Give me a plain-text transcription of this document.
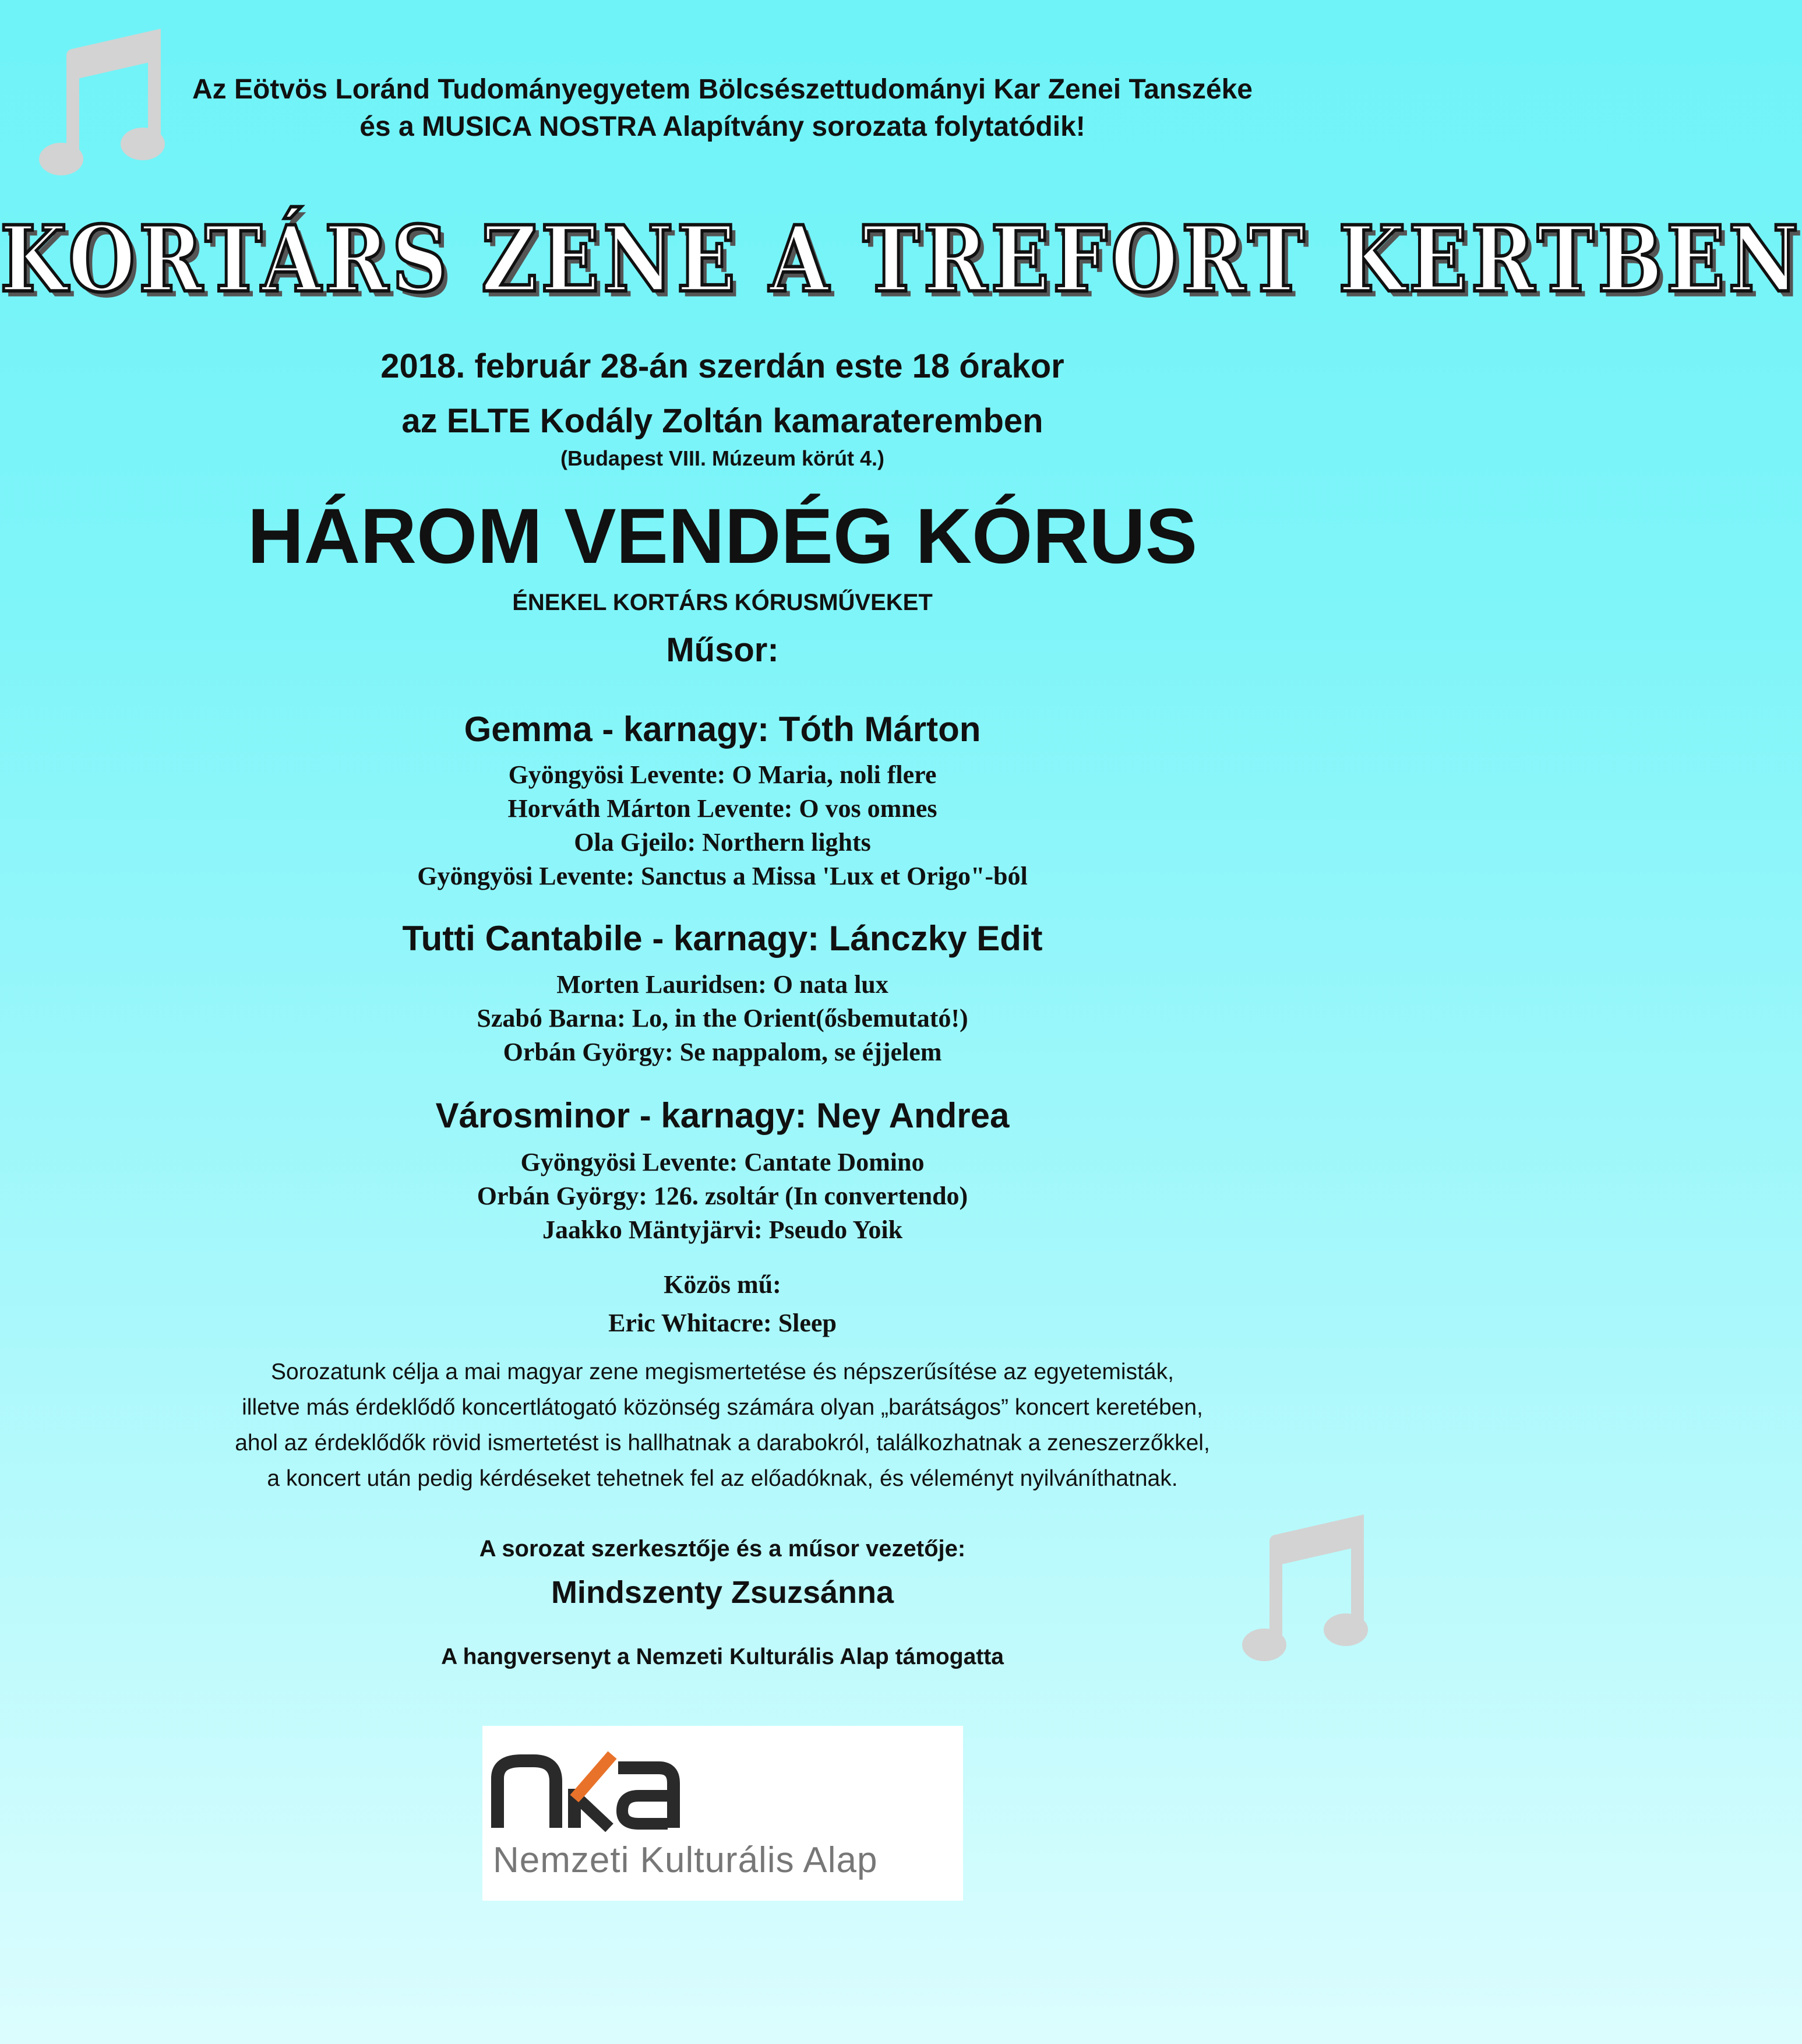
Az Eötvös Loránd Tudományegyetem Bölcsészettudományi Kar Zenei Tanszéke
és a MUSICA NOSTRA Alapítvány sorozata folytatódik!
KORTÁRS ZENE A TREFORT KERTBEN
2018. február 28-án szerdán este 18 órakor
az ELTE Kodály Zoltán kamarateremben
(Budapest VIII. Múzeum körút 4.)
HÁROM VENDÉG KÓRUS
ÉNEKEL KORTÁRS KÓRUSMŰVEKET
Műsor:
Gemma - karnagy: Tóth Márton
Gyöngyösi Levente: O Maria, noli flere
Horváth Márton Levente: O vos omnes
Ola Gjeilo: Northern lights
Gyöngyösi Levente: Sanctus a Missa 'Lux et Origo"-ból
Tutti Cantabile - karnagy: Lánczky Edit
Morten Lauridsen: O nata lux
Szabó Barna: Lo, in the Orient(ősbemutató!)
Orbán György: Se nappalom, se éjjelem
Városminor - karnagy: Ney Andrea
Gyöngyösi Levente: Cantate Domino
Orbán György: 126. zsoltár (In convertendo)
Jaakko Mäntyjärvi: Pseudo Yoik
Közös mű:
Eric Whitacre: Sleep
Sorozatunk célja a mai magyar zene megismertetése és népszerűsítése az egyetemisták,
illetve más érdeklődő koncertlátogató közönség számára olyan „barátságos” koncert keretében,
ahol az érdeklődők rövid ismertetést is hallhatnak a darabokról, találkozhatnak a zeneszerzőkkel,
a koncert után pedig kérdéseket tehetnek fel az előadóknak, és véleményt nyilváníthatnak.
A sorozat szerkesztője és a műsor vezetője:
Mindszenty Zsuzsánna
A hangversenyt a Nemzeti Kulturális Alap támogatta
Nemzeti Kulturális Alap
